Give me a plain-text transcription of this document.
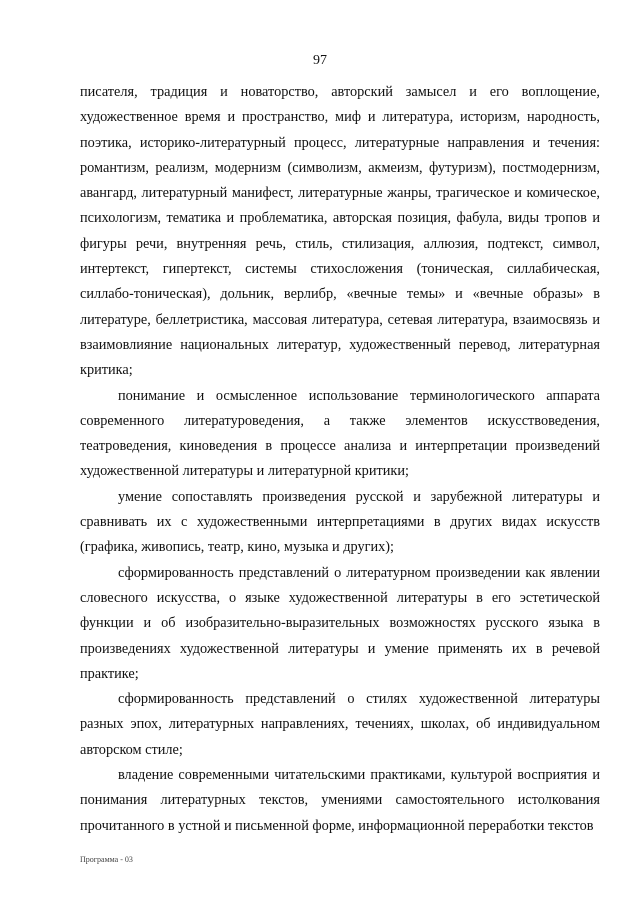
97

писателя, традиция и новаторство, авторский замысел и его воплощение, художественное время и пространство, миф и литература, историзм, народность, поэтика, историко-литературный процесс, литературные направления и течения: романтизм, реализм, модернизм (символизм, акмеизм, футуризм), постмодернизм, авангард, литературный манифест, литературные жанры, трагическое и комическое, психологизм, тематика и проблематика, авторская позиция, фабула, виды тропов и фигуры речи, внутренняя речь, стиль, стилизация, аллюзия, подтекст, символ, интертекст, гипертекст, системы стихосложения (тоническая, силлабическая, силлабо-тоническая), дольник, верлибр, «вечные темы» и «вечные образы» в литературе, беллетристика, массовая литература, сетевая литература, взаимосвязь и взаимовлияние национальных литератур, художественный перевод, литературная критика;

понимание и осмысленное использование терминологического аппарата современного литературоведения, а также элементов искусствоведения, театроведения, киноведения в процессе анализа и интерпретации произведений художественной литературы и литературной критики;

умение сопоставлять произведения русской и зарубежной литературы и сравнивать их с художественными интерпретациями в других видах искусств (графика, живопись, театр, кино, музыка и других);

сформированность представлений о литературном произведении как явлении словесного искусства, о языке художественной литературы в его эстетической функции и об изобразительно-выразительных возможностях русского языка в произведениях художественной литературы и умение применять их в речевой практике;

сформированность представлений о стилях художественной литературы разных эпох, литературных направлениях, течениях, школах, об индивидуальном авторском стиле;

владение современными читательскими практиками, культурой восприятия и понимания литературных текстов, умениями самостоятельного истолкования прочитанного в устной и письменной форме, информационной переработки текстов

Программа - 03
